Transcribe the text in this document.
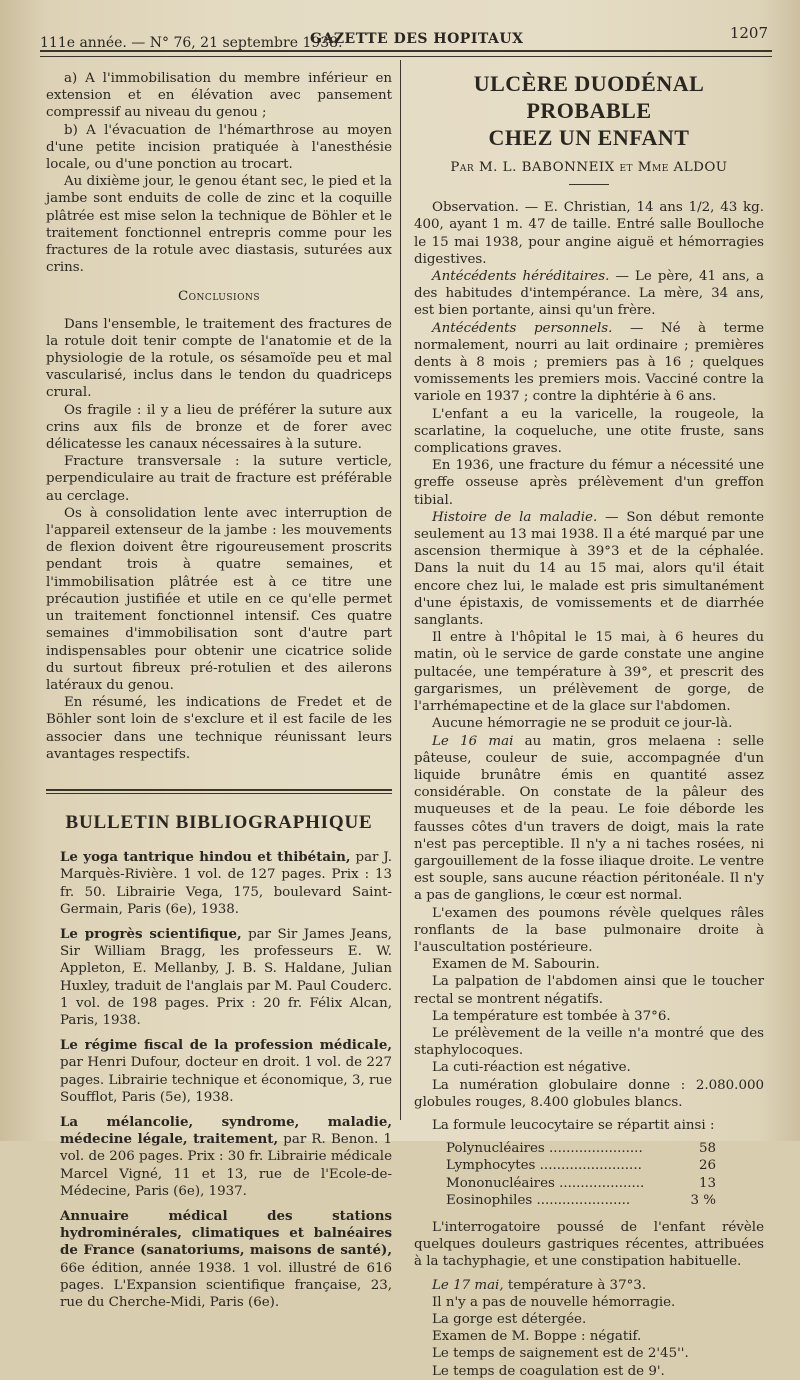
111e année. — N° 76, 21 septembre 1938.
GAZETTE DES HOPITAUX	1207

a) A l'immobilisation du membre inférieur en extension et en élévation avec pansement compressif au niveau du genou ;

b) A l'évacuation de l'hémarthrose au moyen d'une petite incision pratiquée à l'anesthésie locale, ou d'une ponction au trocart.

Au dixième jour, le genou étant sec, le pied et la jambe sont enduits de colle de zinc et la coquille plâtrée est mise selon la technique de Böhler et le traitement fonctionnel entrepris comme pour les fractures de la rotule avec diastasis, suturées aux crins.

Conclusions

Dans l'ensemble, le traitement des fractures de la rotule doit tenir compte de l'anatomie et de la physiologie de la rotule, os sésamoïde peu et mal vascularisé, inclus dans le tendon du quadriceps crural.

Os fragile : il y a lieu de préférer la suture aux crins aux fils de bronze et de forer avec délicatesse les canaux nécessaires à la suture.

Fracture transversale : la suture verticle, perpendiculaire au trait de fracture est préférable au cerclage.

Os à consolidation lente avec interruption de l'appareil extenseur de la jambe : les mouvements de flexion doivent être rigoureusement proscrits pendant trois à quatre semaines, et l'immobilisation plâtrée est à ce titre une précaution justifiée et utile en ce qu'elle permet un traitement fonctionnel intensif. Ces quatre semaines d'immobilisation sont d'autre part indispensables pour obtenir une cicatrice solide du surtout fibreux pré-rotulien et des ailerons latéraux du genou.

En résumé, les indications de Fredet et de Böhler sont loin de s'exclure et il est facile de les associer dans une technique réunissant leurs avantages respectifs.

BULLETIN BIBLIOGRAPHIQUE

Le yoga tantrique hindou et thibétain, par J. Marquès-Rivière. 1 vol. de 127 pages. Prix : 13 fr. 50. Librairie Vega, 175, boulevard Saint-Germain, Paris (6e), 1938.

Le progrès scientifique, par Sir James Jeans, Sir William Bragg, les professeurs E. W. Appleton, E. Mellanby, J. B. S. Haldane, Julian Huxley, traduit de l'anglais par M. Paul Couderc. 1 vol. de 198 pages. Prix : 20 fr. Félix Alcan, Paris, 1938.

Le régime fiscal de la profession médicale, par Henri Dufour, docteur en droit. 1 vol. de 227 pages. Librairie technique et économique, 3, rue Soufflot, Paris (5e), 1938.

La mélancolie, syndrome, maladie, médecine légale, traitement, par R. Benon. 1 vol. de 206 pages. Prix : 30 fr. Librairie médicale Marcel Vigné, 11 et 13, rue de l'Ecole-de-Médecine, Paris (6e), 1937.

Annuaire médical des stations hydrominérales, climatiques et balnéaires de France (sanatoriums, maisons de santé), 66e édition, année 1938. 1 vol. illustré de 616 pages. L'Expansion scientifique française, 23, rue du Cherche-Midi, Paris (6e).

ULCÈRE DUODÉNAL PROBABLE
CHEZ UN ENFANT
Par M. L. BABONNEIX et Mme ALDOU

Observation. — E. Christian, 14 ans 1/2, 43 kg. 400, ayant 1 m. 47 de taille. Entré salle Boulloche le 15 mai 1938, pour angine aiguë et hémorragies digestives.

Antécédents héréditaires. — Le père, 41 ans, a des habitudes d'intempérance. La mère, 34 ans, est bien portante, ainsi qu'un frère.

Antécédents personnels. — Né à terme normalement, nourri au lait ordinaire ; premières dents à 8 mois ; premiers pas à 16 ; quelques vomissements les premiers mois. Vacciné contre la variole en 1937 ; contre la diphtérie à 6 ans.

L'enfant a eu la varicelle, la rougeole, la scarlatine, la coqueluche, une otite fruste, sans complications graves.

En 1936, une fracture du fémur a nécessité une greffe osseuse après prélèvement d'un greffon tibial.

Histoire de la maladie. — Son début remonte seulement au 13 mai 1938. Il a été marqué par une ascension thermique à 39°3 et de la céphalée. Dans la nuit du 14 au 15 mai, alors qu'il était encore chez lui, le malade est pris simultanément d'une épistaxis, de vomissements et de diarrhée sanglants.

Il entre à l'hôpital le 15 mai, à 6 heures du matin, où le service de garde constate une angine pultacée, une température à 39°, et prescrit des gargarismes, un prélèvement de gorge, de l'arrhémapectine et de la glace sur l'abdomen.

Aucune hémorragie ne se produit ce jour-là.

Le 16 mai au matin, gros melaena : selle pâteuse, couleur de suie, accompagnée d'un liquide brunâtre émis en quantité assez considérable. On constate de la pâleur des muqueuses et de la peau. Le foie déborde les fausses côtes d'un travers de doigt, mais la rate n'est pas perceptible. Il n'y a ni taches rosées, ni gargouillement de la fosse iliaque droite. Le ventre est souple, sans aucune réaction péritonéale. Il n'y a pas de ganglions, le cœur est normal.

L'examen des poumons révèle quelques râles ronflants de la base pulmonaire droite à l'auscultation postérieure.

Examen de M. Sabourin.

La palpation de l'abdomen ainsi que le toucher rectal se montrent négatifs.

La température est tombée à 37°6.

Le prélèvement de la veille n'a montré que des staphylocoques.

La cuti-réaction est négative.

La numération globulaire donne : 2.080.000 globules rouges, 8.400 globules blancs.

La formule leucocytaire se répartit ainsi :

Polynucléaires ......................	58
Lymphocytes ........................	26
Mononucléaires ....................	13
Eosinophiles ......................	3 %

L'interrogatoire poussé de l'enfant révèle quelques douleurs gastriques récentes, attribuées à la tachyphagie, et une constipation habituelle.

Le 17 mai, température à 37°3.

Il n'y a pas de nouvelle hémorragie.

La gorge est détergée.

Examen de M. Boppe : négatif.

Le temps de saignement est de 2'45''.

Le temps de coagulation est de 9'.
